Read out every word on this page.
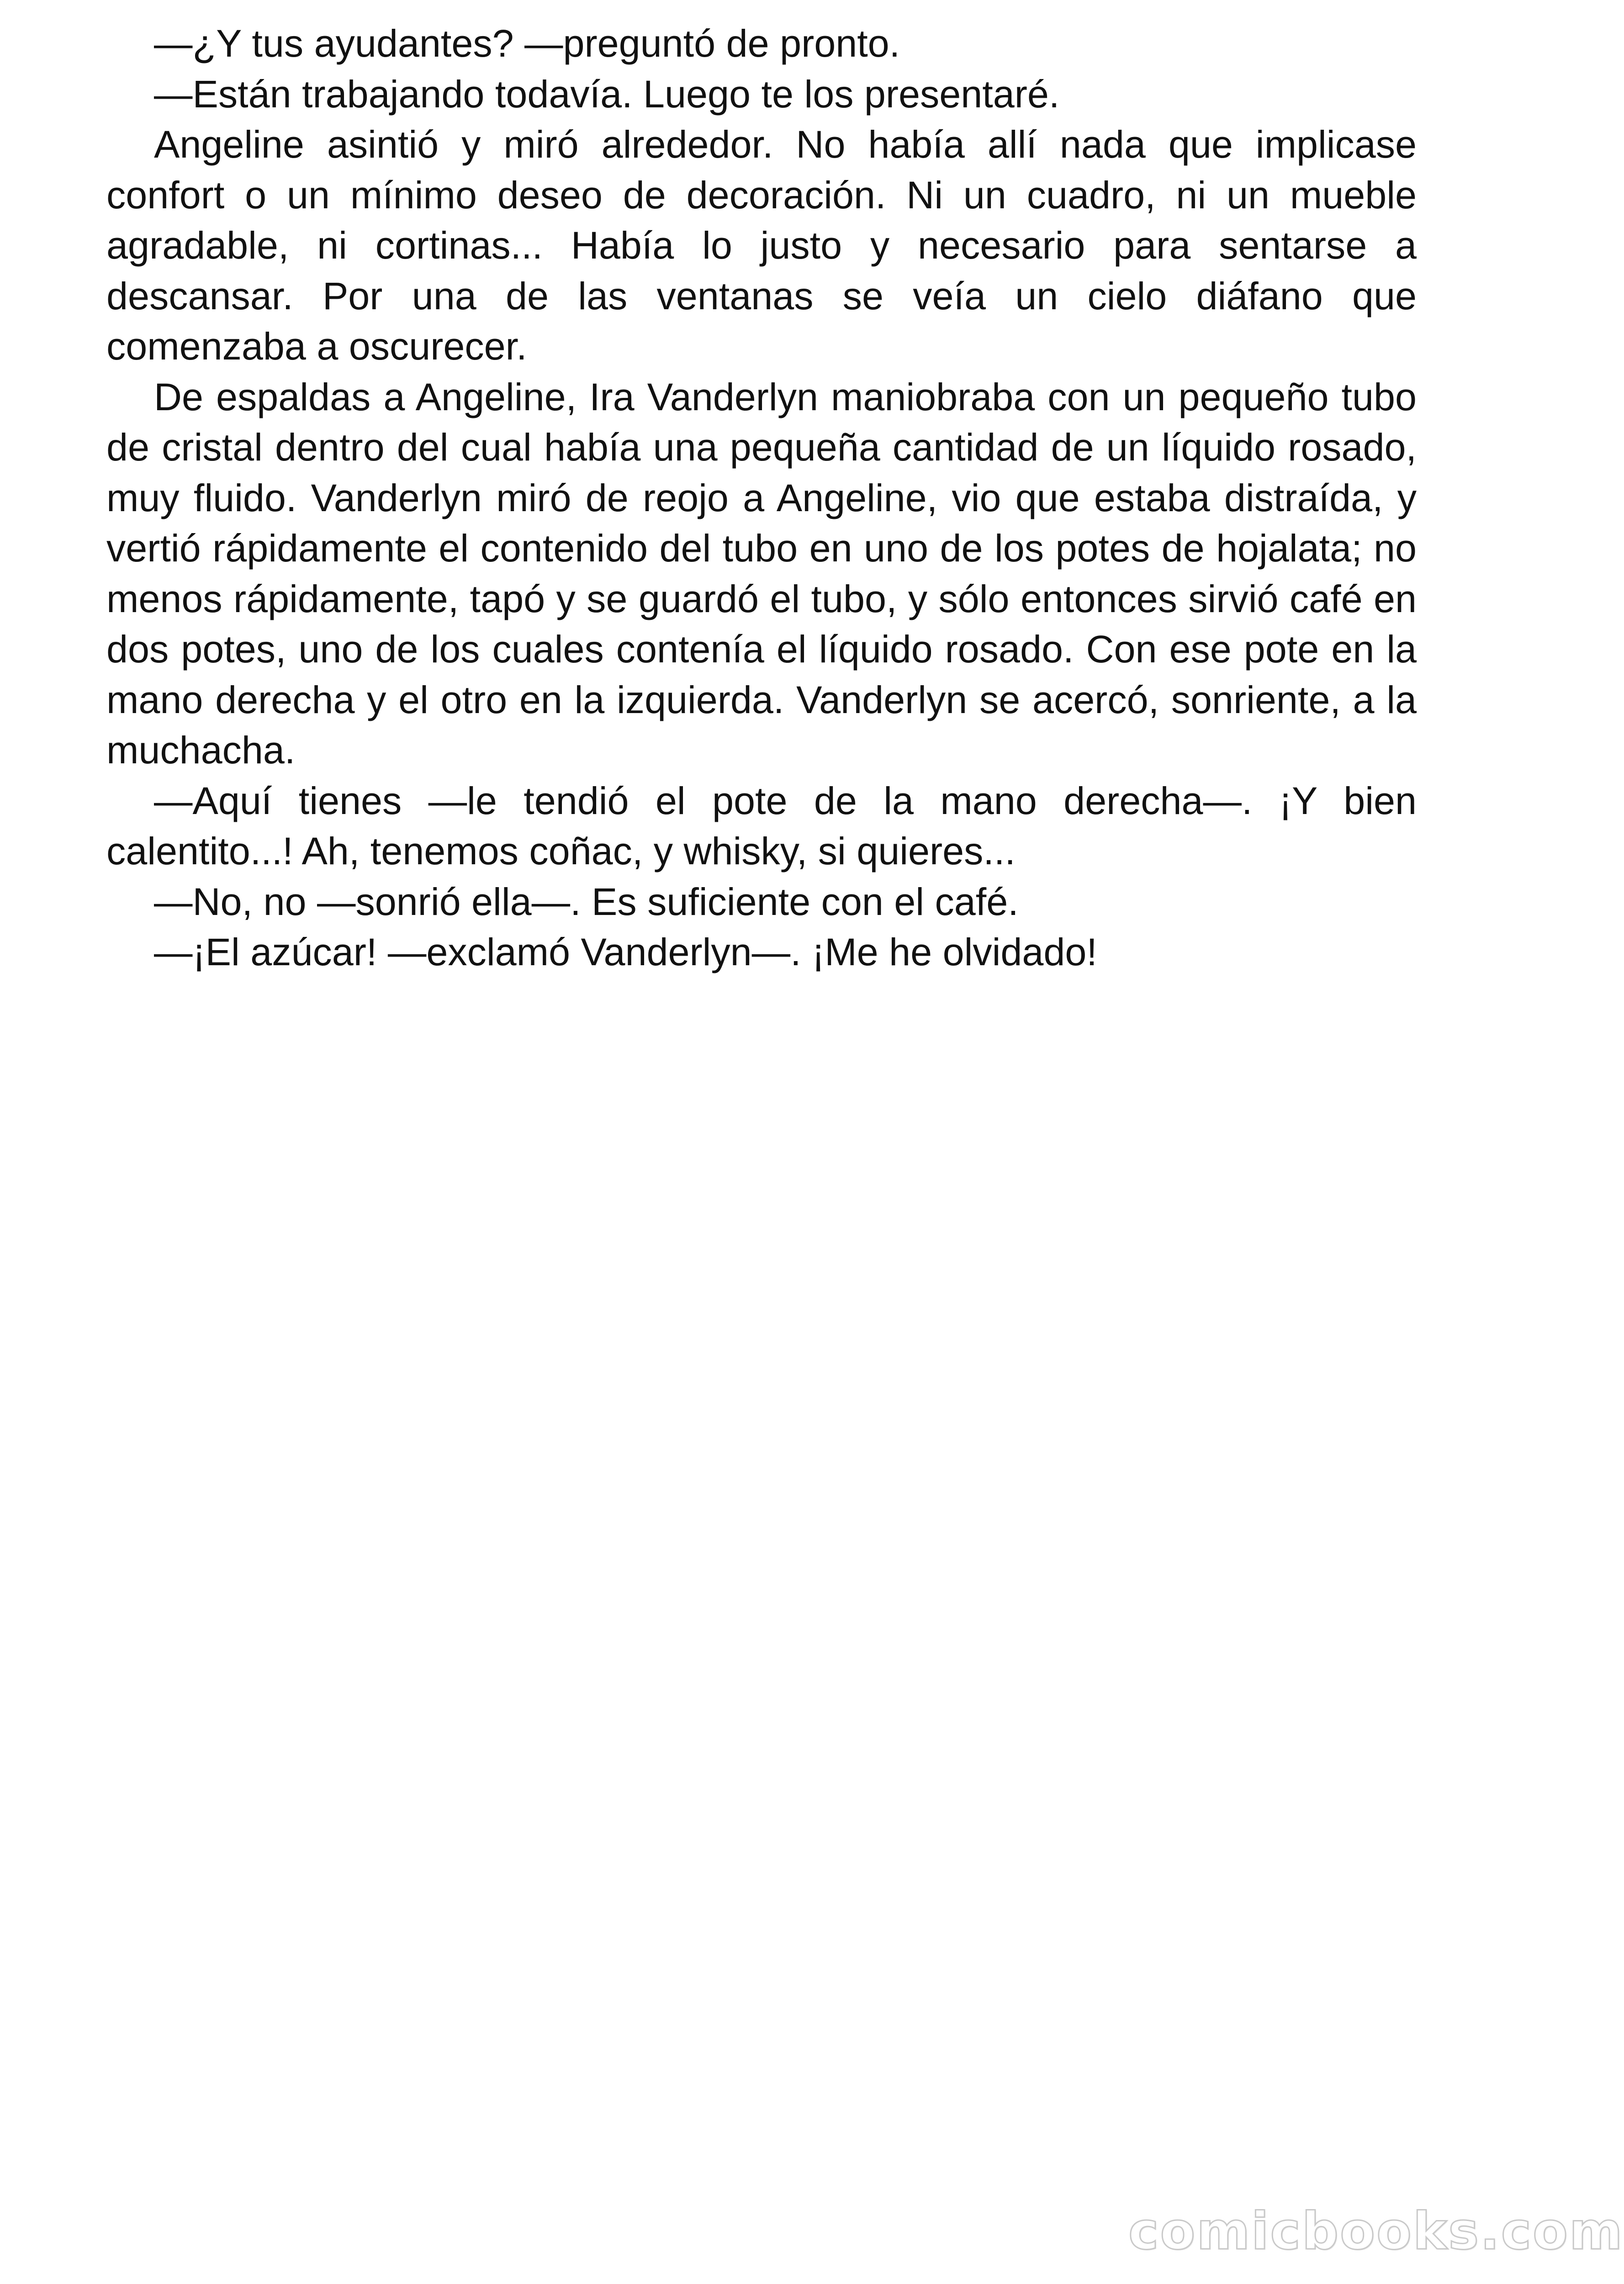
—¿Y tus ayudantes? —preguntó de pronto.

—Están trabajando todavía. Luego te los presentaré.

Angeline asintió y miró alrededor. No había allí nada que implicase confort o un mínimo deseo de decoración. Ni un cuadro, ni un mueble agradable, ni cortinas... Había lo justo y necesario para sentarse a descansar. Por una de las ventanas se veía un cielo diáfano que comenzaba a oscurecer.

De espaldas a Angeline, Ira Vanderlyn maniobraba con un pequeño tubo de cristal dentro del cual había una pequeña cantidad de un líquido rosado, muy fluido. Vanderlyn miró de reojo a Angeline, vio que estaba distraída, y vertió rápidamente el contenido del tubo en uno de los potes de hojalata; no menos rápidamente, tapó y se guardó el tubo, y sólo entonces sirvió café en dos potes, uno de los cuales contenía el líquido rosado. Con ese pote en la mano derecha y el otro en la izquierda. Vanderlyn se acercó, sonriente, a la muchacha.

—Aquí tienes —le tendió el pote de la mano derecha—. ¡Y bien calentito...! Ah, tenemos coñac, y whisky, si quieres...

—No, no —sonrió ella—. Es suficiente con el café.

—¡El azúcar! —exclamó Vanderlyn—. ¡Me he olvidado!

comicbooks.com
